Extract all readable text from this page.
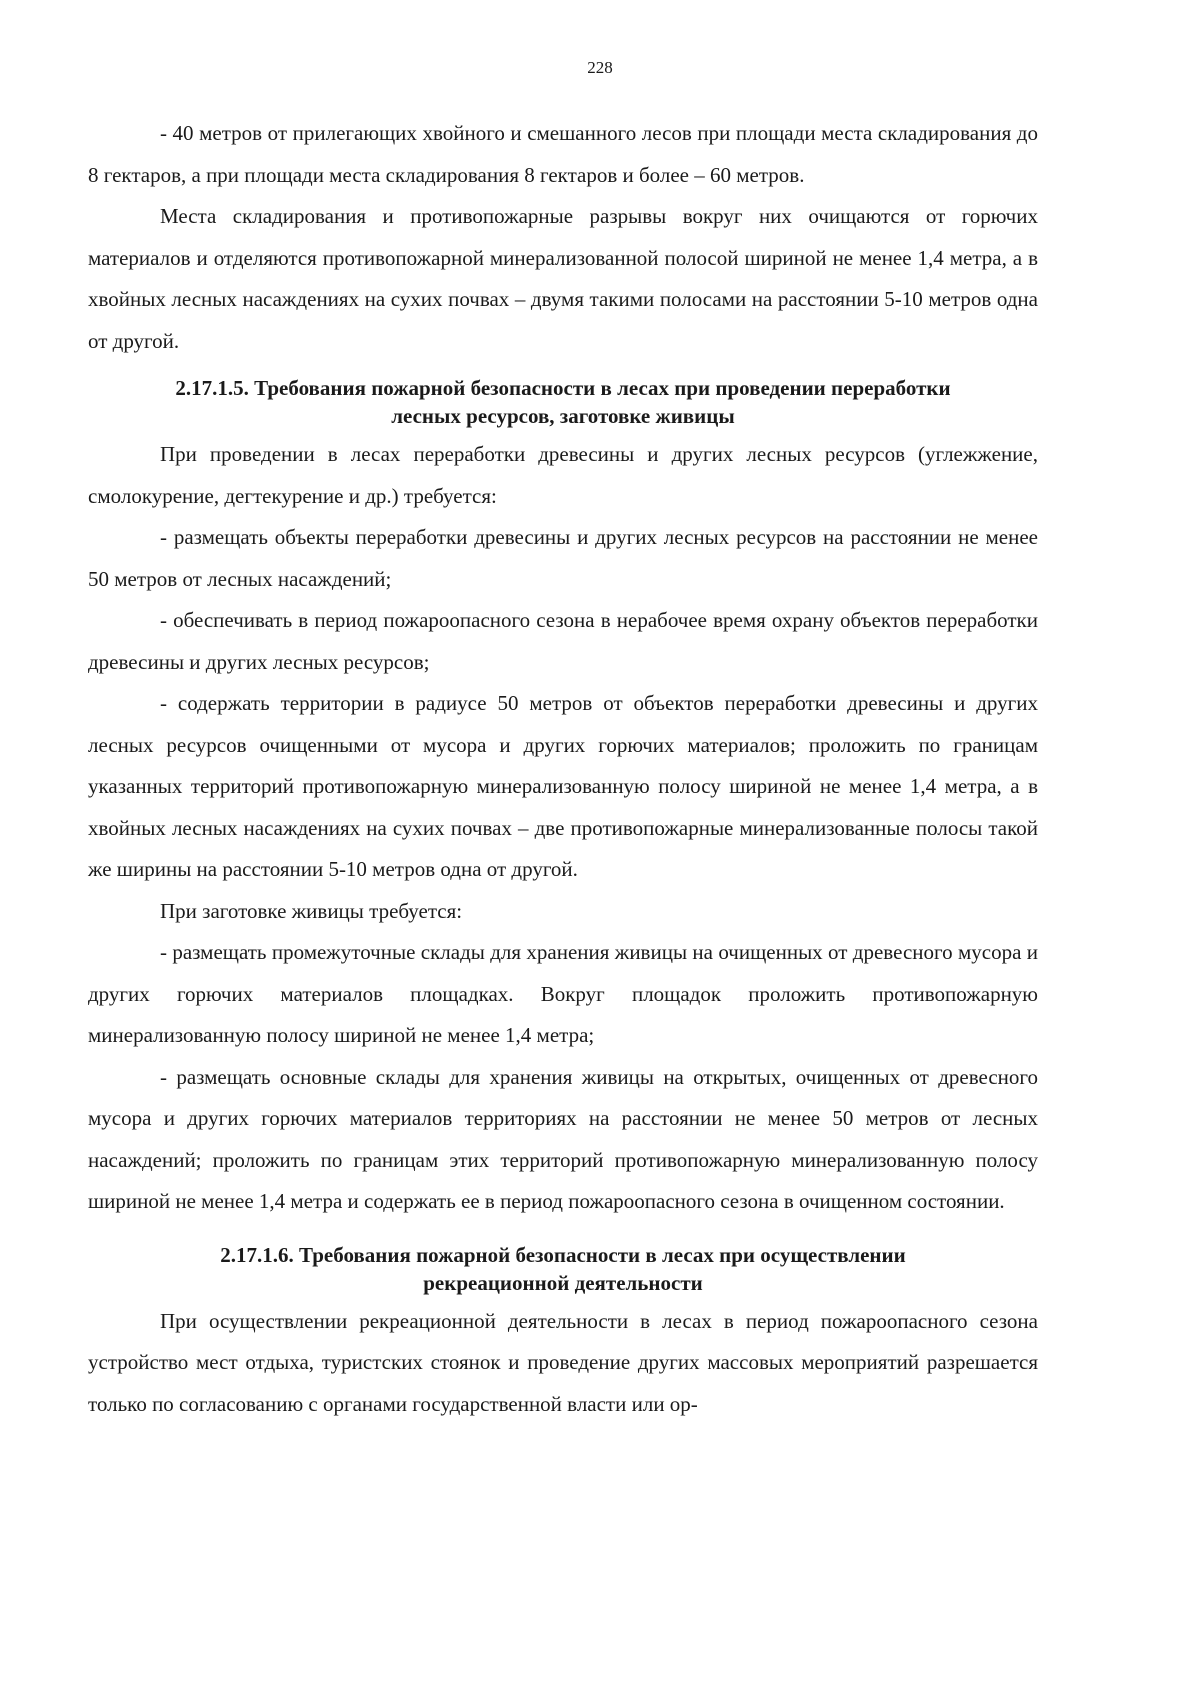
228

- 40 метров от прилегающих хвойного и смешанного лесов при площади места складирования до 8 гектаров, а при площади места складирования 8 гектаров и более – 60 метров.

Места складирования и противопожарные разрывы вокруг них очищаются от горючих материалов и отделяются противопожарной минерализованной полосой шириной не менее 1,4 метра, а в хвойных лесных насаждениях на сухих почвах – двумя такими полосами на расстоянии 5-10 метров одна от другой.

2.17.1.5. Требования пожарной безопасности в лесах при проведении переработки
лесных ресурсов, заготовке живицы

При проведении в лесах переработки древесины и других лесных ресурсов (углежжение, смолокурение, дегтекурение и др.) требуется:

- размещать объекты переработки древесины и других лесных ресурсов на расстоянии не менее 50 метров от лесных насаждений;

- обеспечивать в период пожароопасного сезона в нерабочее время охрану объектов переработки древесины и других лесных ресурсов;

- содержать территории в радиусе 50 метров от объектов переработки древесины и других лесных ресурсов очищенными от мусора и других горючих материалов; проложить по границам указанных территорий противопожарную минерализованную полосу шириной не менее 1,4 метра, а в хвойных лесных насаждениях на сухих почвах – две противопожарные минерализованные полосы такой же ширины на расстоянии 5-10 метров одна от другой.

При заготовке живицы требуется:

- размещать промежуточные склады для хранения живицы на очищенных от древесного мусора и других горючих материалов площадках. Вокруг площадок проложить противопожарную минерализованную полосу шириной не менее 1,4 метра;

- размещать основные склады для хранения живицы на открытых, очищенных от древесного мусора и других горючих материалов территориях на расстоянии не менее 50 метров от лесных насаждений; проложить по границам этих территорий противопожарную минерализованную полосу шириной не менее 1,4 метра и содержать ее в период пожароопасного сезона в очищенном состоянии.

2.17.1.6. Требования пожарной безопасности в лесах при осуществлении
рекреационной деятельности

При осуществлении рекреационной деятельности в лесах в период пожароопасного сезона устройство мест отдыха, туристских стоянок и проведение других массовых мероприятий разрешается только по согласованию с органами государственной власти или ор-
